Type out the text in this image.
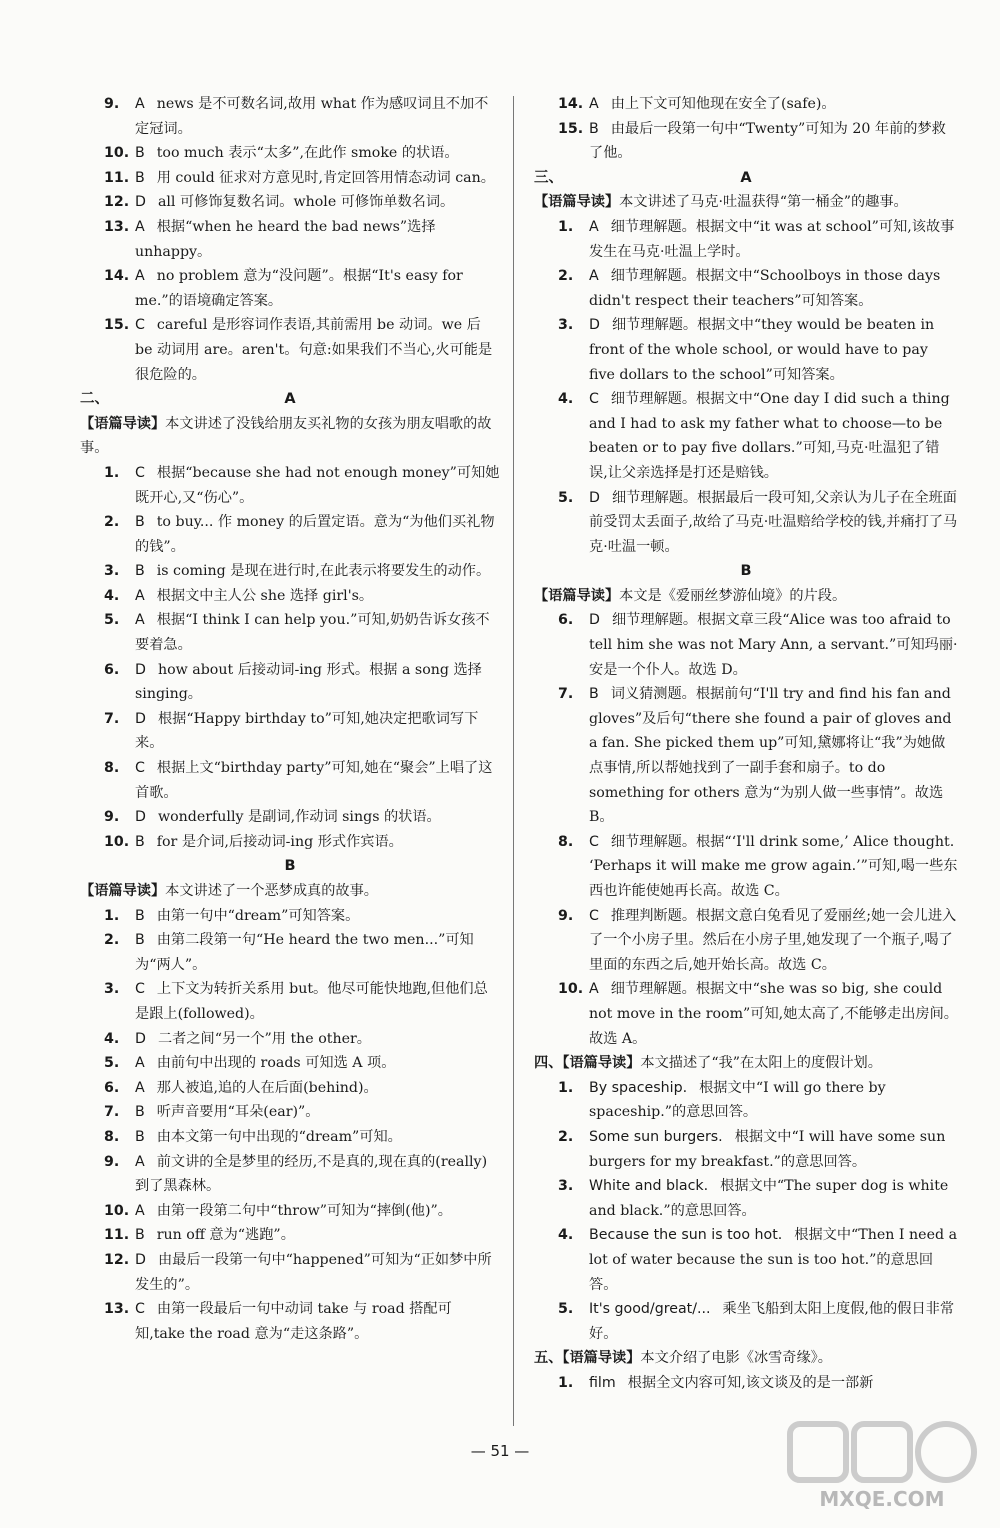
9. A news 是不可数名词,故用 what 作为感叹词且不加不定冠词。
10. B too much 表示“太多”,在此作 smoke 的状语。
11. B 用 could 征求对方意见时,肯定回答用情态动词 can。
12. D all 可修饰复数名词。whole 可修饰单数名词。
13. A 根据“when he heard the bad news”选择 unhappy。
14. A no problem 意为“没问题”。根据“It's easy for me.”的语境确定答案。
15. C careful 是形容词作表语,其前需用 be 动词。we 后 be 动词用 are。aren't。句意:如果我们不当心,火可能是很危险的。
二、	A
【语篇导读】本文讲述了没钱给朋友买礼物的女孩为朋友唱歌的故事。
1. C 根据“because she had not enough money”可知她既开心,又“伤心”。
2. B to buy... 作 money 的后置定语。意为“为他们买礼物的钱”。
3. B is coming 是现在进行时,在此表示将要发生的动作。
4. A 根据文中主人公 she 选择 girl's。
5. A 根据“I think I can help you.”可知,奶奶告诉女孩不要着急。
6. D how about 后接动词-ing 形式。根据 a song 选择 singing。
7. D 根据“Happy birthday to”可知,她决定把歌词写下来。
8. C 根据上文“birthday party”可知,她在“聚会”上唱了这首歌。
9. D wonderfully 是副词,作动词 sings 的状语。
10. B for 是介词,后接动词-ing 形式作宾语。
B
【语篇导读】本文讲述了一个恶梦成真的故事。
1. B 由第一句中“dream”可知答案。
2. B 由第二段第一句“He heard the two men...”可知为“两人”。
3. C 上下文为转折关系用 but。他尽可能快地跑,但他们总是跟上(followed)。
4. D 二者之间“另一个”用 the other。
5. A 由前句中出现的 roads 可知选 A 项。
6. A 那人被追,追的人在后面(behind)。
7. B 听声音要用“耳朵(ear)”。
8. B 由本文第一句中出现的“dream”可知。
9. A 前文讲的全是梦里的经历,不是真的,现在真的(really)到了黑森林。
10. A 由第一段第二句中“throw”可知为“摔倒(他)”。
11. B run off 意为“逃跑”。
12. D 由最后一段第一句中“happened”可知为“正如梦中所发生的”。
13. C 由第一段最后一句中动词 take 与 road 搭配可知,take the road 意为“走这条路”。
14. A 由上下文可知他现在安全了(safe)。
15. B 由最后一段第一句中“Twenty”可知为 20 年前的梦救了他。
三、	A
【语篇导读】本文讲述了马克·吐温获得“第一桶金”的趣事。
1. A 细节理解题。根据文中“it was at school”可知,该故事发生在马克·吐温上学时。
2. A 细节理解题。根据文中“Schoolboys in those days didn't respect their teachers”可知答案。
3. D 细节理解题。根据文中“they would be beaten in front of the whole school, or would have to pay five dollars to the school”可知答案。
4. C 细节理解题。根据文中“One day I did such a thing and I had to ask my father what to choose—to be beaten or to pay five dollars.”可知,马克·吐温犯了错误,让父亲选择是打还是赔钱。
5. D 细节理解题。根据最后一段可知,父亲认为儿子在全班面前受罚太丢面子,故给了马克·吐温赔给学校的钱,并痛打了马克·吐温一顿。
B
【语篇导读】本文是《爱丽丝梦游仙境》的片段。
6. D 细节理解题。根据文章三段“Alice was too afraid to tell him she was not Mary Ann, a servant.”可知玛丽·安是一个仆人。故选 D。
7. B 词义猜测题。根据前句“I'll try and find his fan and gloves”及后句“there she found a pair of gloves and a fan. She picked them up”可知,黛娜将让“我”为她做点事情,所以帮她找到了一副手套和扇子。to do something for others 意为“为别人做一些事情”。故选 B。
8. C 细节理解题。根据“‘I'll drink some,’ Alice thought. ‘Perhaps it will make me grow again.’”可知,喝一些东西也许能使她再长高。故选 C。
9. C 推理判断题。根据文意白兔看见了爱丽丝;她一会儿进入了一个小房子里。然后在小房子里,她发现了一个瓶子,喝了里面的东西之后,她开始长高。故选 C。
10. A 细节理解题。根据文中“she was so big, she could not move in the room”可知,她太高了,不能够走出房间。故选 A。
四、【语篇导读】本文描述了“我”在太阳上的度假计划。
1. By spaceship. 根据文中“I will go there by spaceship.”的意思回答。
2. Some sun burgers. 根据文中“I will have some sun burgers for my breakfast.”的意思回答。
3. White and black. 根据文中“The super dog is white and black.”的意思回答。
4. Because the sun is too hot. 根据文中“Then I need a lot of water because the sun is too hot.”的意思回答。
5. It's good/great/... 乘坐飞船到太阳上度假,他的假日非常好。
五、【语篇导读】本文介绍了电影《冰雪奇缘》。
1. film 根据全文内容可知,该文谈及的是一部新
— 51 —
MXQE.COM
